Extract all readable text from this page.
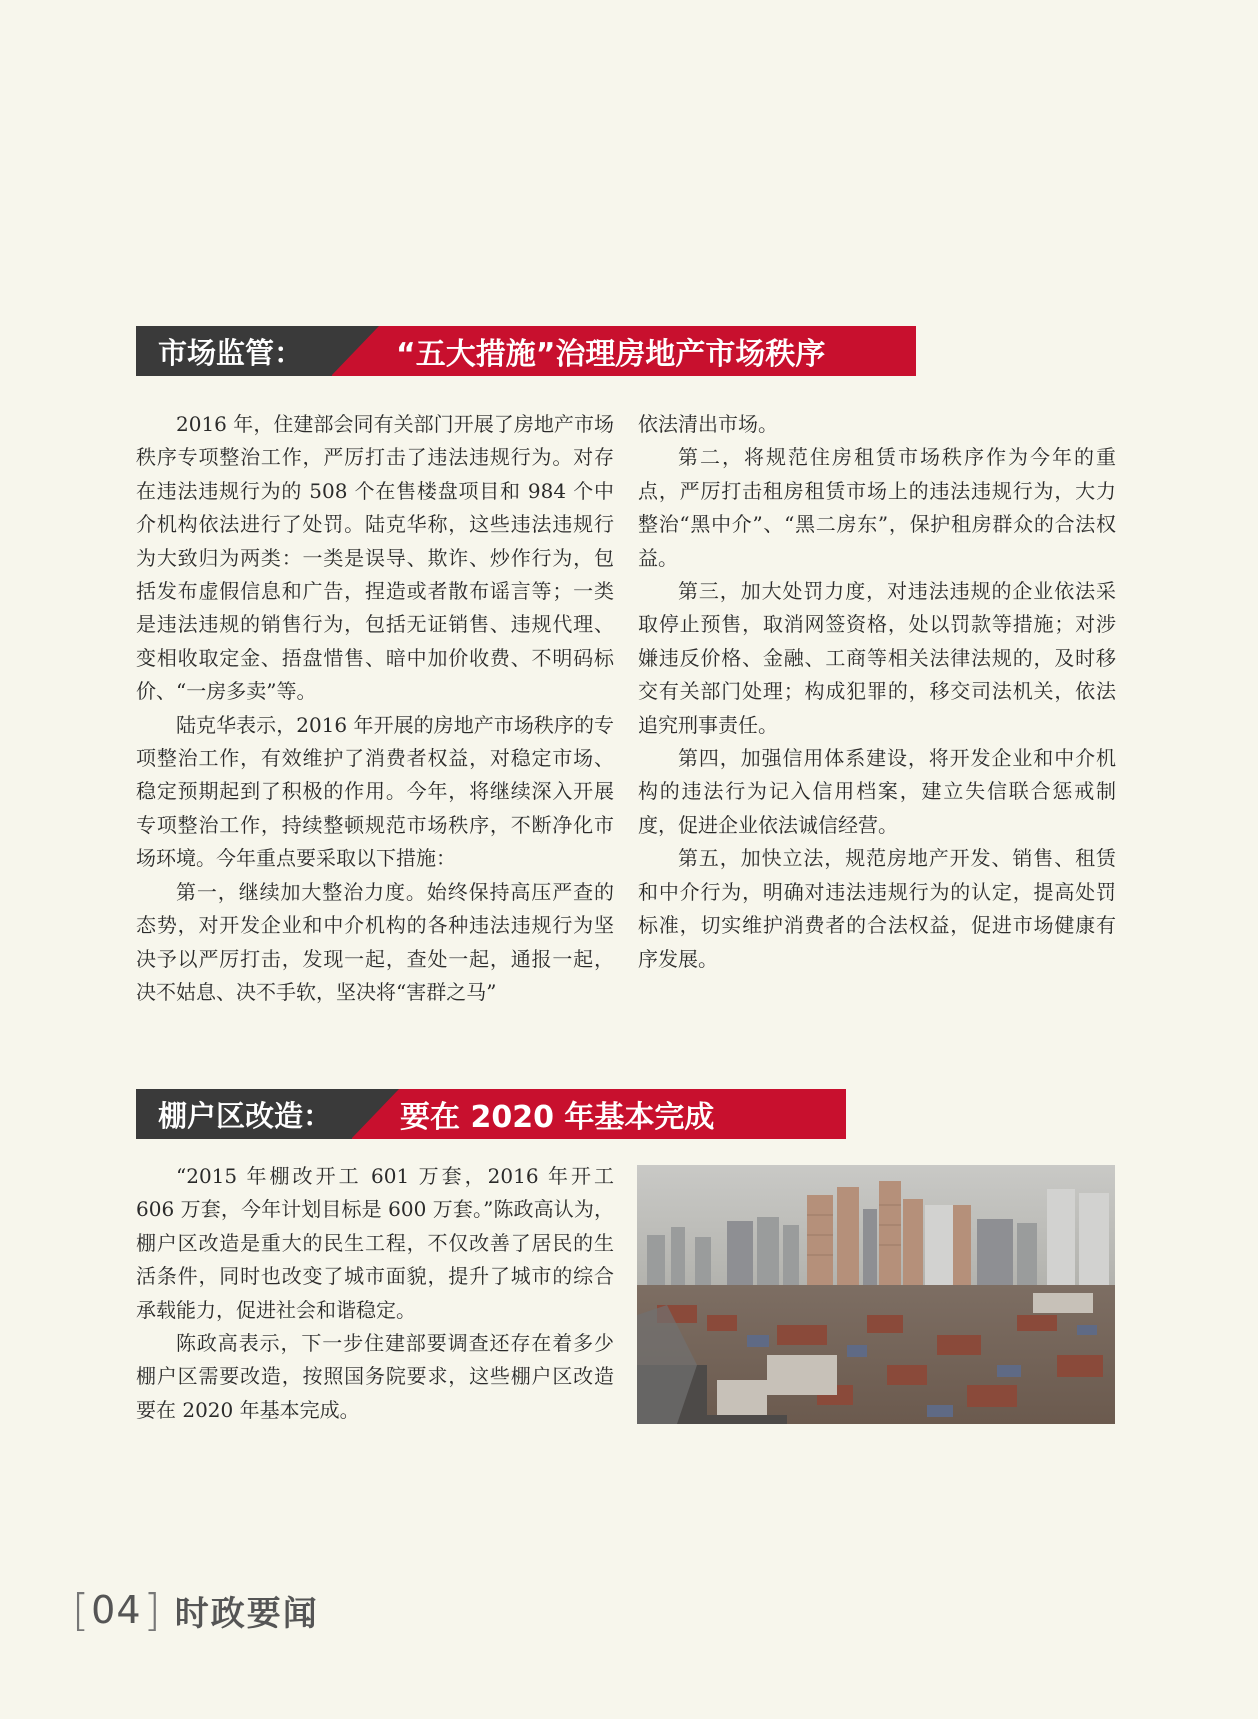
市场监管：	“五大措施”治理房地产市场秩序

2016 年，住建部会同有关部门开展了房地产市场秩序专项整治工作，严厉打击了违法违规行为。对存在违法违规行为的 508 个在售楼盘项目和 984 个中介机构依法进行了处罚。陆克华称，这些违法违规行为大致归为两类：一类是误导、欺诈、炒作行为，包括发布虚假信息和广告，捏造或者散布谣言等；一类是违法违规的销售行为，包括无证销售、违规代理、变相收取定金、捂盘惜售、暗中加价收费、不明码标价、“一房多卖”等。

陆克华表示，2016 年开展的房地产市场秩序的专项整治工作，有效维护了消费者权益，对稳定市场、稳定预期起到了积极的作用。今年，将继续深入开展专项整治工作，持续整顿规范市场秩序，不断净化市场环境。今年重点要采取以下措施：

第一，继续加大整治力度。始终保持高压严查的态势，对开发企业和中介机构的各种违法违规行为坚决予以严厉打击，发现一起，查处一起，通报一起，决不姑息、决不手软，坚决将“害群之马”

依法清出市场。

第二，将规范住房租赁市场秩序作为今年的重点，严厉打击租房租赁市场上的违法违规行为，大力整治“黑中介”、“黑二房东”，保护租房群众的合法权益。

第三，加大处罚力度，对违法违规的企业依法采取停止预售，取消网签资格，处以罚款等措施；对涉嫌违反价格、金融、工商等相关法律法规的，及时移交有关部门处理；构成犯罪的，移交司法机关，依法追究刑事责任。

第四，加强信用体系建设，将开发企业和中介机构的违法行为记入信用档案，建立失信联合惩戒制度，促进企业依法诚信经营。

第五，加快立法，规范房地产开发、销售、租赁和中介行为，明确对违法违规行为的认定，提高处罚标准，切实维护消费者的合法权益，促进市场健康有序发展。

棚户区改造：	要在 2020 年基本完成

“2015 年棚改开工 601 万套，2016 年开工 606 万套，今年计划目标是 600 万套。”陈政高认为，棚户区改造是重大的民生工程，不仅改善了居民的生活条件，同时也改变了城市面貌，提升了城市的综合承载能力，促进社会和谐稳定。

陈政高表示，下一步住建部要调查还存在着多少棚户区需要改造，按照国务院要求，这些棚户区改造要在 2020 年基本完成。

[ 04 ] 时政要闻
